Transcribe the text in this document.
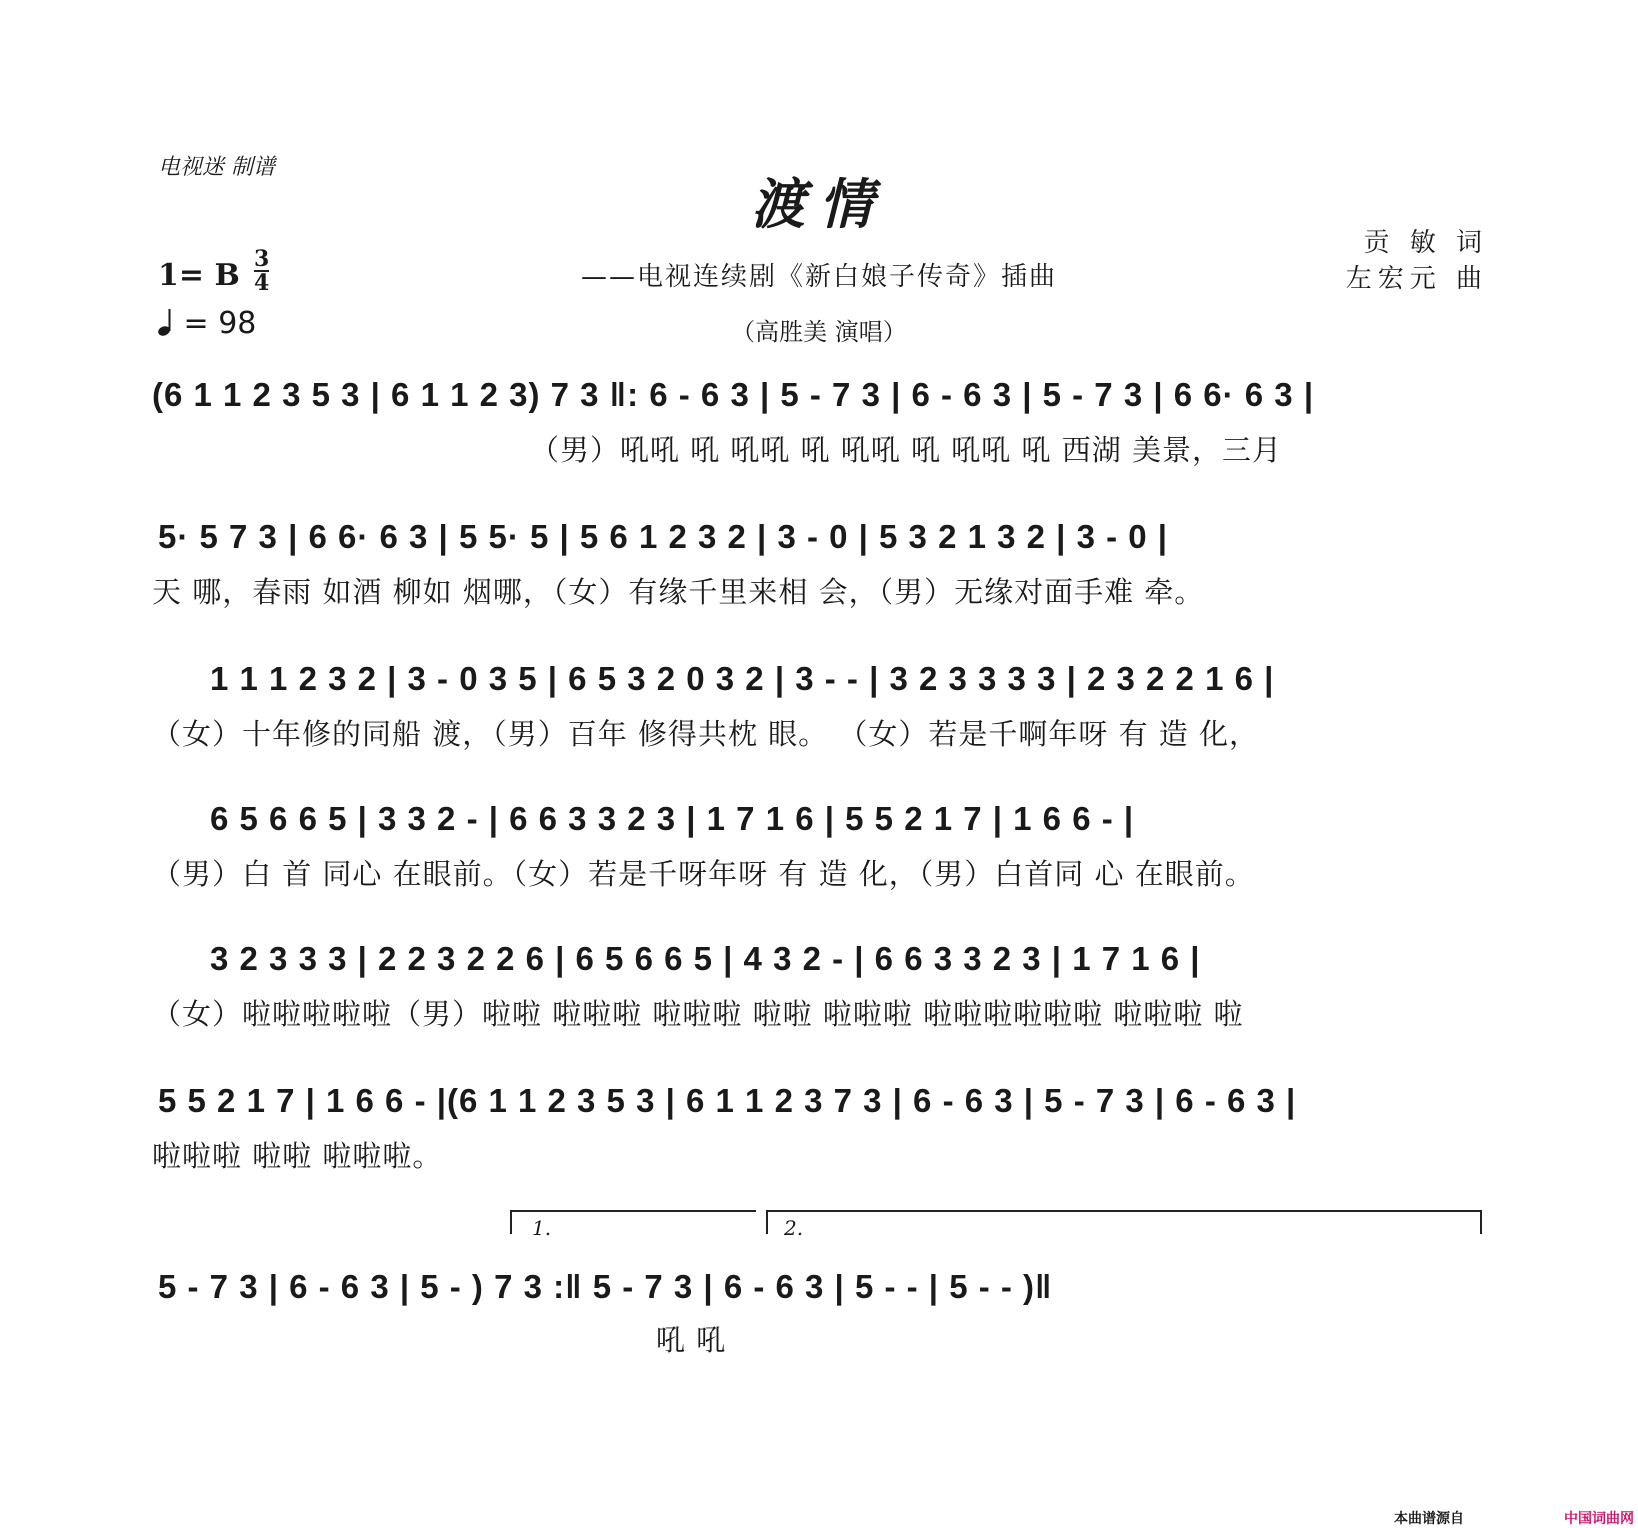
电视迷 制谱
渡情
——电视连续剧《新白娘子传奇》插曲
（高胜美 演唱）
贡 敏 词
左宏元 曲
1= B 3
4
= 98
(6 1 1 2 3 5 3 | 6 1 1 2 3) 7 3 ‖: 6 - 6 3 | 5 - 7 3 | 6 - 6 3 | 5 - 7 3 | 6 6· 6 3 |
（男）吼吼 吼 吼吼 吼 吼吼 吼 吼吼 吼 西湖 美景，三月
5· 5 7 3 | 6 6· 6 3 | 5 5· 5 | 5 6 1 2 3 2 | 3 - 0 | 5 3 2 1 3 2 | 3 - 0 |
天 哪，春雨 如酒 柳如 烟哪，（女）有缘千里来相 会，（男）无缘对面手难 牵。
1 1 1 2 3 2 | 3 - 0 3 5 | 6 5 3 2 0 3 2 | 3 - - | 3 2 3 3 3 3 | 2 3 2 2 1 6 |
（女）十年修的同船 渡，（男）百年 修得共枕 眼。 （女）若是千啊年呀 有 造 化，
6 5 6 6 5 | 3 3 2 - | 6 6 3 3 2 3 | 1 7 1 6 | 5 5 2 1 7 | 1 6 6 - |
（男）白 首 同心 在眼前。（女）若是千呀年呀 有 造 化，（男）白首同 心 在眼前。
3 2 3 3 3 | 2 2 3 2 2 6 | 6 5 6 6 5 | 4 3 2 - | 6 6 3 3 2 3 | 1 7 1 6 |
（女）啦啦啦啦啦（男）啦啦 啦啦啦 啦啦啦 啦啦 啦啦啦 啦啦啦啦啦啦 啦啦啦 啦
5 5 2 1 7 | 1 6 6 - |(6 1 1 2 3 5 3 | 6 1 1 2 3 7 3 | 6 - 6 3 | 5 - 7 3 | 6 - 6 3 |
啦啦啦 啦啦 啦啦啦。
1.	2.
5 - 7 3 | 6 - 6 3 | 5 - ) 7 3 :‖ 5 - 7 3 | 6 - 6 3 | 5 - - | 5 - - )‖
吼 吼
本曲谱源自	中国词曲网
